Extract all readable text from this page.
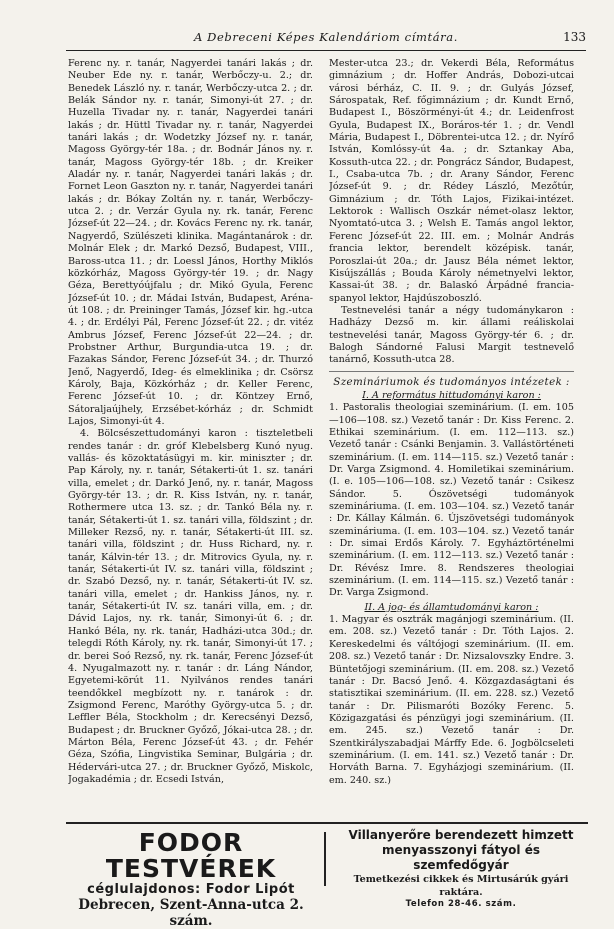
A Debreceni Képes Kalendáriom címtára.	133

Ferenc ny. r. tanár, Nagyerdei tanári lakás ; dr. Neuber Ede ny. r. tanár, Werbőczy-u. 2.; dr. Benedek László ny. r. tanár, Werbőczy-utca 2. ; dr. Belák Sándor ny. r. tanár, Simonyi-út 27. ; dr. Huzella Tivadar ny. r. tanár, Nagyerdei tanári lakás ; dr. Hüttl Tivadar ny. r. tanár, Nagyerdei tanári lakás ; dr. Wodetzky József ny. r. tanár, Magoss György-tér 18a. ; dr. Bodnár János ny. r. tanár, Magoss György-tér 18b. ; dr. Kreiker Aladár ny. r. tanár, Nagyerdei tanári lakás ; dr. Fornet Leon Gaszton ny. r. tanár, Nagyerdei tanári lakás ; dr. Bókay Zoltán ny. r. tanár, Werbőczy-utca 2. ; dr. Verzár Gyula ny. rk. tanár, Ferenc József-út 22—24. ; dr. Kovács Ferenc ny. rk. tanár, Nagyerdő, Szülészeti klinika. Magántanárok : dr. Molnár Elek ; dr. Markó Dezső, Budapest, VIII., Baross-utca 11. ; dr. Loessl János, Horthy Miklós közkórház, Magoss György-tér 19. ; dr. Nagy Géza, Berettyóújfalu ; dr. Mikó Gyula, Ferenc József-út 10. ; dr. Mádai István, Budapest, Aréna-út 108. ; dr. Preininger Tamás, József kir. hg.-utca 4. ; dr. Erdélyi Pál, Ferenc József-út 22. ; dr. vitéz Ambrus József, Ferenc József-út 22—24. ; dr. Probstner Arthur, Burgundia-utca 19. ; dr. Fazakas Sándor, Ferenc József-út 34. ; dr. Thurzó Jenő, Nagyerdő, Ideg- és elmeklinika ; dr. Csörsz Károly, Baja, Közkórház ; dr. Keller Ferenc, Ferenc József-út 10. ; dr. Köntzey Ernő, Sátoraljaújhely, Erzsébet-kórház ; dr. Schmidt Lajos, Simonyi-út 4.

4. Bölcsészettudományi karon : tiszteletbeli rendes tanár : dr. gróf Klebelsberg Kunó nyug. vallás- és közoktatásügyi m. kir. miniszter ; dr. Pap Károly, ny. r. tanár, Sétakerti-út 1. sz. tanári villa, emelet ; dr. Darkó Jenő, ny. r. tanár, Magoss György-tér 13. ; dr. R. Kiss István, ny. r. tanár, Rothermere utca 13. sz. ; dr. Tankó Béla ny. r. tanár, Sétakerti-út 1. sz. tanári villa, földszint ; dr. Milleker Rezső, ny. r. tanár, Sétakerti-út III. sz. tanári villa, földszint ; dr. Huss Richard, ny. r. tanár, Kálvin-tér 13. ; dr. Mitrovics Gyula, ny. r. tanár, Sétakerti-út IV. sz. tanári villa, földszint ; dr. Szabó Dezső, ny. r. tanár, Sétakerti-út IV. sz. tanári villa, emelet ; dr. Hankiss János, ny. r. tanár, Sétakerti-út IV. sz. tanári villa, em. ; dr. Dávid Lajos, ny. rk. tanár, Simonyi-út 6. ; dr. Hankó Béla, ny. rk. tanár, Hadházi-utca 30d.; dr. telegdi Róth Károly, ny. rk. tanár, Simonyi-út 17. ; dr. berei Soó Rezső, ny. rk. tanár, Ferenc József-út 4. Nyugalmazott ny. r. tanár : dr. Láng Nándor, Egyetemi-körút 11. Nyilvános rendes tanári teendőkkel megbízott ny. r. tanárok : dr. Zsigmond Ferenc, Maróthy György-utca 5. ; dr. Leffler Béla, Stockholm ; dr. Kerecsényi Dezső, Budapest ; dr. Bruckner Győző, Jókai-utca 28. ; dr. Márton Béla, Ferenc József-út 43. ; dr. Fehér Géza, Szófia, Lingvistika Seminar, Bulgária ; dr. Hédervári-utca 27. ; dr. Bruckner Győző, Miskolc, Jogakadémia ; dr. Ecsedi István,

Mester-utca 23.; dr. Vekerdi Béla, Református gimnázium ; dr. Hoffer András, Dobozi-utcai városi bérház, C. II. 9. ; dr. Gulyás József, Sárospatak, Ref. főgimnázium ; dr. Kundt Ernő, Budapest I., Böszörményi-út 4.; dr. Leidenfrost Gyula, Budapest IX., Boráros-tér 1. ; dr. Vendl Mária, Budapest I., Döbrentei-utca 12. ; dr. Nyírő István, Komlóssy-út 4a. ; dr. Sztankay Aba, Kossuth-utca 22. ; dr. Pongrácz Sándor, Budapest, I., Csaba-utca 7b. ; dr. Arany Sándor, Ferenc József-út 9. ; dr. Rédey László, Mezőtúr, Gimnázium ; dr. Tóth Lajos, Fizikai-intézet. Lektorok : Wallisch Oszkár német-olasz lektor, Nyomtató-utca 3. ; Welsh E. Tamás angol lektor, Ferenc József-út 22. III. em. ; Molnár András francia lektor, berendelt középisk. tanár, Poroszlai-út 20a.; dr. Jausz Béla német lektor, Kisújszállás ; Bouda Károly németnyelvi lektor, Kassai-út 38. ; dr. Balaskó Árpádné francia-spanyol lektor, Hajdúszoboszló.

Testnevelési tanár a négy tudománykaron : Hadházy Dezső m. kir. állami reáliskolai testnevelési tanár, Magoss György-tér 6. ; dr. Balogh Sándorné Falusi Margit testnevelő tanárnő, Kossuth-utca 28.

Szemináriumok és tudományos intézetek :
I. A református hittudományi karon :

1. Pastoralis theologiai szeminárium. (I. em. 105—106—108. sz.) Vezető tanár : Dr. Kiss Ferenc. 2. Ethikai szeminárium. (I. em. 112—113. sz.) Vezető tanár : Csánki Benjamin. 3. Vallástörténeti szeminárium. (I. em. 114—115. sz.) Vezető tanár : Dr. Varga Zsigmond. 4. Homiletikai szeminárium. (I. e. 105—106—108. sz.) Vezető tanár : Csikesz Sándor. 5. Ószövetségi tudományok szemináriuma. (I. em. 103—104. sz.) Vezető tanár : Dr. Kállay Kálmán. 6. Újszövetségi tudományok szemináriuma. (I. em. 103—104. sz.) Vezető tanár : Dr. simai Erdős Károly. 7. Egyháztörténelmi szeminárium. (I. em. 112—113. sz.) Vezető tanár : Dr. Révész Imre. 8. Rendszeres theologiai szeminárium. (I. em. 114—115. sz.) Vezető tanár : Dr. Varga Zsigmond.

II. A jog- és államtudományi karon :

1. Magyar és osztrák magánjogi szeminárium. (II. em. 208. sz.) Vezető tanár : Dr. Tóth Lajos. 2. Kereskedelmi és váltójogi szeminárium. (II. em. 208. sz.) Vezető tanár : Dr. Nizsalovszky Endre. 3. Büntetőjogi szeminárium. (II. em. 208. sz.) Vezető tanár : Dr. Bacsó Jenő. 4. Közgazdaságtani és statisztikai szeminárium. (II. em. 228. sz.) Vezető tanár : Dr. Pilismaróti Bozóky Ferenc. 5. Közigazgatási és pénzügyi jogi szeminárium. (II. em. 245. sz.) Vezető tanár : Dr. Szentkirályszabadjai Márffy Ede. 6. Jogbölcseleti szeminárium. (I. em. 141. sz.) Vezető tanár : Dr. Horváth Barna. 7. Egyházjogi szeminárium. (II. em. 240. sz.)

FODOR TESTVÉREK
céglulajdonos: Fodor Lipót
Debrecen, Szent-Anna-utca 2. szám.
Villanyerőre berendezett himzett
menyasszonyi fátyol és szemfedőgyár
Temetkezési cikkek és Mirtusárúk gyári raktára.
Telefon 28-46. szám.
